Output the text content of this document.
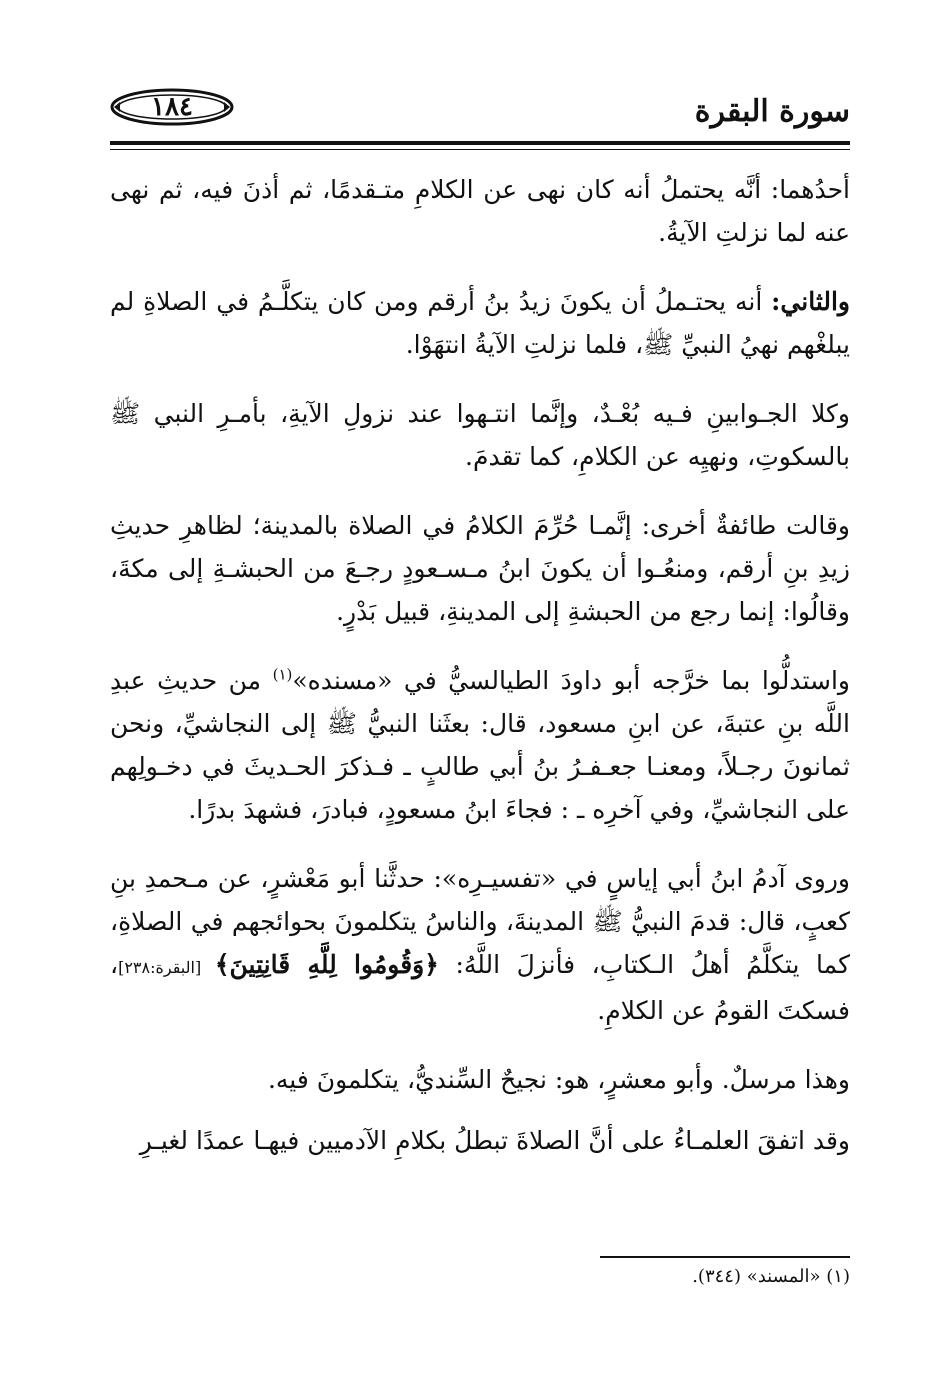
سورة البقرة
١٨٤

أحدُهما: أنَّه يحتملُ أنه كان نهى عن الكلامِ متـقدمًا، ثم أذنَ فيه، ثم نهى عنه لما نزلتِ الآيةُ.

والثاني: أنه يحتـملُ أن يكونَ زيدُ بنُ أرقم ومن كان يتكلَّـمُ في الصلاةِ لم يبلغْهم نهيُ النبيِّ ﷺ، فلما نزلتِ الآيةُ انتهَوْا.

وكلا الجـوابينِ فـيه بُعْـدٌ، وإنَّما انتـهوا عند نزولِ الآيةِ، بأمـرِ النبي ﷺ بالسكوتِ، ونهيِه عن الكلامِ، كما تقدمَ.

وقالت طائفةٌ أخرى: إنَّمـا حُرِّمَ الكلامُ في الصلاة بالمدينة؛ لظاهرِ حديثِ زيدِ بنِ أرقم، ومنعُـوا أن يكونَ ابنُ مـسـعودٍ رجـعَ من الحبشـةِ إلى مكةَ، وقالُوا: إنما رجع من الحبشةِ إلى المدينةِ، قبيل بَدْرٍ.

واستدلُّوا بما خرَّجه أبو داودَ الطيالسيُّ في «مسنده»$^{(١)}$ من حديثِ عبدِ اللَّه بنِ عتبةَ، عن ابنِ مسعود، قال: بعثَنا النبيُّ ﷺ إلى النجاشيِّ، ونحن ثمانونَ رجـلاً، ومعنـا جعـفـرُ بنُ أبي طالبٍ ـ فـذكرَ الحـديثَ في دخـولِهم على النجاشيِّ، وفي آخرِه ـ : فجاءَ ابنُ مسعودٍ، فبادرَ، فشهدَ بدرًا.

وروى آدمُ ابنُ أبي إياسٍ في «تفسيـرِه»: حدثَّنا أبو مَعْشرٍ، عن مـحمدِ بنِ كعبٍ، قال: قدمَ النبيُّ ﷺ المدينةَ، والناسُ يتكلمونَ بحوائجهم في الصلاةِ، كما يتكلَّمُ أهلُ الـكتابِ، فأنزلَ اللَّهُ: ﴿وَقُومُوا لِلَّهِ قَانِتِينَ﴾ [البقرة:٢٣٨]، فسكتَ القومُ عن الكلامِ.

وهذا مرسلٌ. وأبو معشرٍ، هو: نجيحٌ السِّنديُّ، يتكلمونَ فيه.

وقد اتفقَ العلمـاءُ على أنَّ الصلاةَ تبطلُ بكلامِ الآدميين فيهـا عمدًا لغيـرِ

(١) «المسند» (٣٤٤).
